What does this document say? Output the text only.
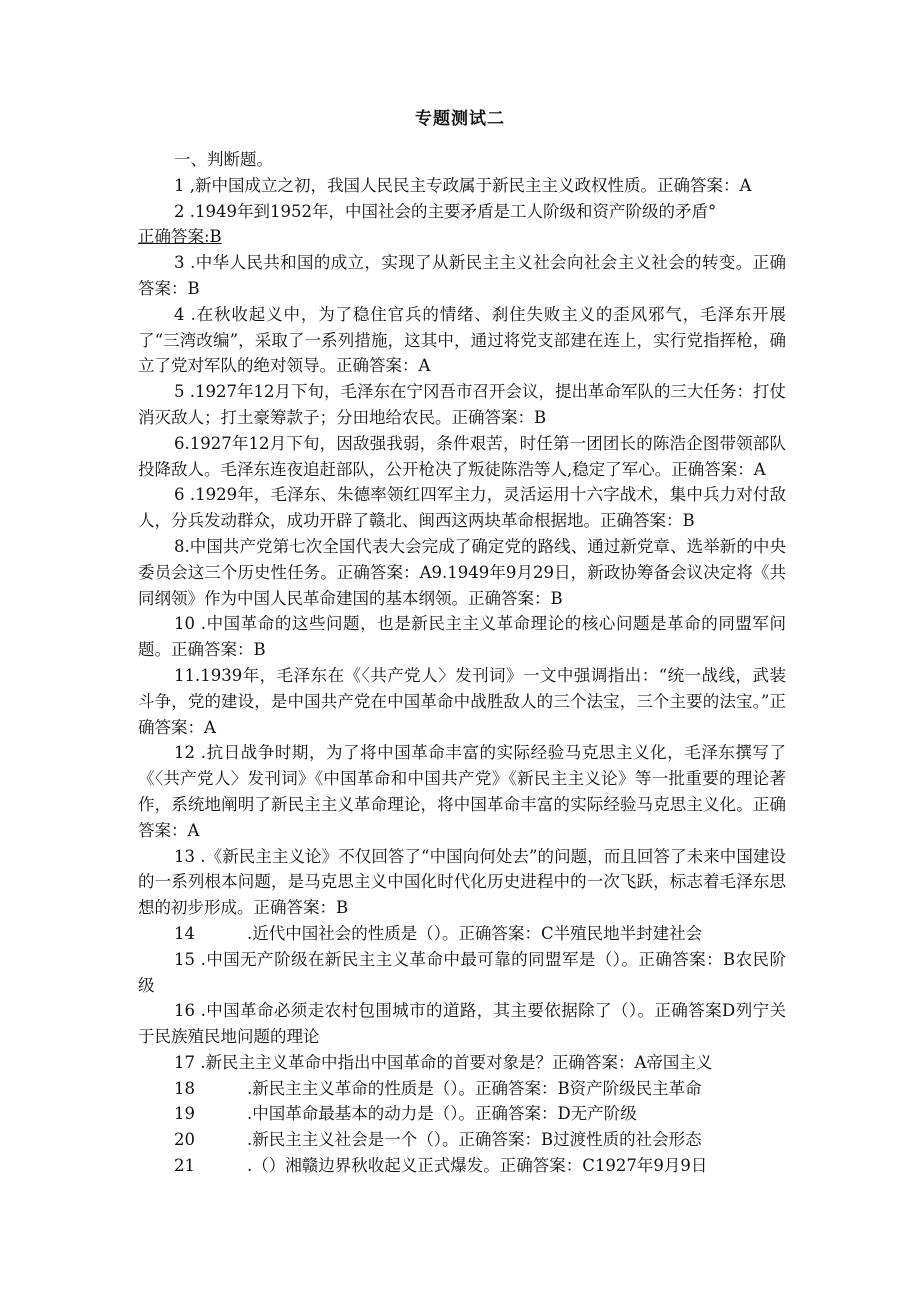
专题测试二

一、判断题。

1 ,新中国成立之初，我国人民民主专政属于新民主主义政权性质。正确答案：A

2 .1949年到1952年，中国社会的主要矛盾是工人阶级和资产阶级的矛盾°

正确答案:B

3 .中华人民共和国的成立，实现了从新民主主义社会向社会主义社会的转变。正确答案：B

4 .在秋收起义中，为了稳住官兵的情绪、刹住失败主义的歪风邪气，毛泽东开展了“三湾改编”，采取了一系列措施，这其中，通过将党支部建在连上，实行党指挥枪，确立了党对军队的绝对领导。正确答案：A

5 .1927年12月下旬，毛泽东在宁冈吾市召开会议，提出革命军队的三大任务：打仗消灭敌人；打土豪筹款子；分田地给农民。正确答案：B

6.1927年12月下旬，因敌强我弱，条件艰苦，时任第一团团长的陈浩企图带领部队投降敌人。毛泽东连夜追赶部队，公开枪决了叛徒陈浩等人,稳定了军心。正确答案：A

6 .1929年，毛泽东、朱德率领红四军主力，灵活运用十六字战术，集中兵力对付敌人，分兵发动群众，成功开辟了赣北、闽西这两块革命根据地。正确答案：B

8.中国共产党第七次全国代表大会完成了确定党的路线、通过新党章、选举新的中央委员会这三个历史性任务。正确答案：A9.1949年9月29日，新政协筹备会议决定将《共同纲领》作为中国人民革命建国的基本纲领。正确答案：B

10 .中国革命的这些问题，也是新民主主义革命理论的核心问题是革命的同盟军问题。正确答案：B

11.1939年，毛泽东在《〈共产党人〉发刊词》一文中强调指出：“统一战线，武装斗争，党的建设，是中国共产党在中国革命中战胜敌人的三个法宝，三个主要的法宝。”正确答案：A

12 .抗日战争时期，为了将中国革命丰富的实际经验马克思主义化，毛泽东撰写了《〈共产党人〉发刊词》《中国革命和中国共产党》《新民主主义论》等一批重要的理论著作，系统地阐明了新民主主义革命理论，将中国革命丰富的实际经验马克思主义化。正确答案：A

13 .《新民主主义论》不仅回答了“中国向何处去”的问题，而且回答了未来中国建设的一系列根本问题，是马克思主义中国化时代化历史进程中的一次飞跃，标志着毛泽东思想的初步形成。正确答案：B

14	.近代中国社会的性质是（）。正确答案：C半殖民地半封建社会

15 .中国无产阶级在新民主主义革命中最可靠的同盟军是（）。正确答案：B农民阶级

16 .中国革命必须走农村包围城市的道路，其主要依据除了（）。正确答案D列宁关于民族殖民地问题的理论

17 .新民主主义革命中指出中国革命的首要对象是？正确答案：A帝国主义

18	.新民主主义革命的性质是（）。正确答案：B资产阶级民主革命

19	.中国革命最基本的动力是（）。正确答案：D无产阶级

20	.新民主主义社会是一个（）。正确答案：B过渡性质的社会形态

21	.（）湘赣边界秋收起义正式爆发。正确答案：C1927年9月9日
